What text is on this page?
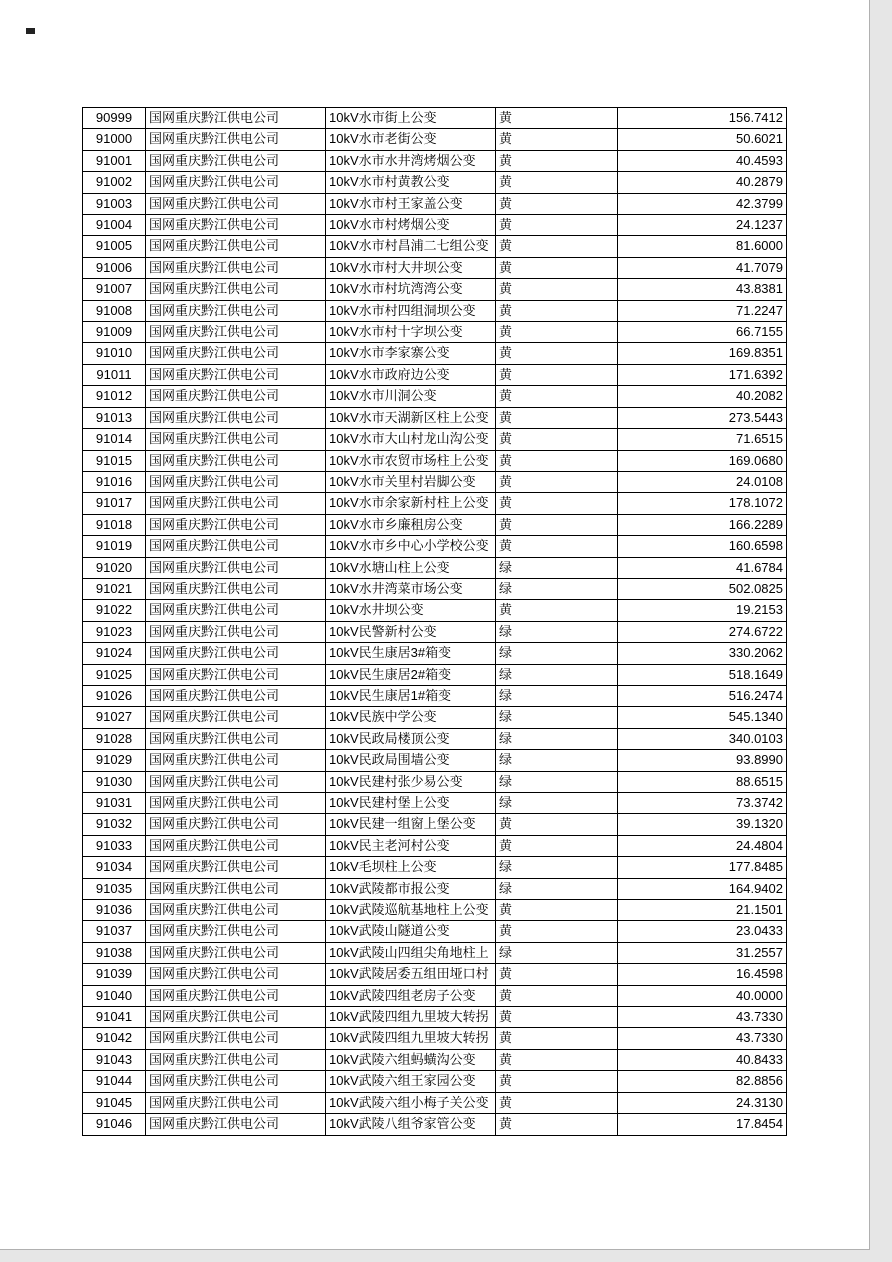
90999	国网重庆黔江供电公司	10kV水市街上公变	黄	156.7412
91000	国网重庆黔江供电公司	10kV水市老街公变	黄	50.6021
91001	国网重庆黔江供电公司	10kV水市水井湾烤烟公变	黄	40.4593
91002	国网重庆黔江供电公司	10kV水市村黄教公变	黄	40.2879
91003	国网重庆黔江供电公司	10kV水市村王家盖公变	黄	42.3799
91004	国网重庆黔江供电公司	10kV水市村烤烟公变	黄	24.1237
91005	国网重庆黔江供电公司	10kV水市村昌浦二七组公变	黄	81.6000
91006	国网重庆黔江供电公司	10kV水市村大井坝公变	黄	41.7079
91007	国网重庆黔江供电公司	10kV水市村坑湾湾公变	黄	43.8381
91008	国网重庆黔江供电公司	10kV水市村四组洞坝公变	黄	71.2247
91009	国网重庆黔江供电公司	10kV水市村十字坝公变	黄	66.7155
91010	国网重庆黔江供电公司	10kV水市李家寨公变	黄	169.8351
91011	国网重庆黔江供电公司	10kV水市政府边公变	黄	171.6392
91012	国网重庆黔江供电公司	10kV水市川洞公变	黄	40.2082
91013	国网重庆黔江供电公司	10kV水市天湖新区柱上公变	黄	273.5443
91014	国网重庆黔江供电公司	10kV水市大山村龙山沟公变	黄	71.6515
91015	国网重庆黔江供电公司	10kV水市农贸市场柱上公变	黄	169.0680
91016	国网重庆黔江供电公司	10kV水市关里村岩脚公变	黄	24.0108
91017	国网重庆黔江供电公司	10kV水市余家新村柱上公变	黄	178.1072
91018	国网重庆黔江供电公司	10kV水市乡廉租房公变	黄	166.2289
91019	国网重庆黔江供电公司	10kV水市乡中心小学校公变	黄	160.6598
91020	国网重庆黔江供电公司	10kV水塘山柱上公变	绿	41.6784
91021	国网重庆黔江供电公司	10kV水井湾菜市场公变	绿	502.0825
91022	国网重庆黔江供电公司	10kV水井坝公变	黄	19.2153
91023	国网重庆黔江供电公司	10kV民警新村公变	绿	274.6722
91024	国网重庆黔江供电公司	10kV民生康居3#箱变	绿	330.2062
91025	国网重庆黔江供电公司	10kV民生康居2#箱变	绿	518.1649
91026	国网重庆黔江供电公司	10kV民生康居1#箱变	绿	516.2474
91027	国网重庆黔江供电公司	10kV民族中学公变	绿	545.1340
91028	国网重庆黔江供电公司	10kV民政局楼顶公变	绿	340.0103
91029	国网重庆黔江供电公司	10kV民政局围墙公变	绿	93.8990
91030	国网重庆黔江供电公司	10kV民建村张少易公变	绿	88.6515
91031	国网重庆黔江供电公司	10kV民建村堡上公变	绿	73.3742
91032	国网重庆黔江供电公司	10kV民建一组窗上堡公变	黄	39.1320
91033	国网重庆黔江供电公司	10kV民主老河村公变	黄	24.4804
91034	国网重庆黔江供电公司	10kV毛坝柱上公变	绿	177.8485
91035	国网重庆黔江供电公司	10kV武陵都市报公变	绿	164.9402
91036	国网重庆黔江供电公司	10kV武陵巡航基地柱上公变	黄	21.1501
91037	国网重庆黔江供电公司	10kV武陵山隧道公变	黄	23.0433
91038	国网重庆黔江供电公司	10kV武陵山四组尖角地柱上	绿	31.2557
91039	国网重庆黔江供电公司	10kV武陵居委五组田垭口村	黄	16.4598
91040	国网重庆黔江供电公司	10kV武陵四组老房子公变	黄	40.0000
91041	国网重庆黔江供电公司	10kV武陵四组九里坡大转拐	黄	43.7330
91042	国网重庆黔江供电公司	10kV武陵四组九里坡大转拐	黄	43.7330
91043	国网重庆黔江供电公司	10kV武陵六组蚂蟥沟公变	黄	40.8433
91044	国网重庆黔江供电公司	10kV武陵六组王家园公变	黄	82.8856
91045	国网重庆黔江供电公司	10kV武陵六组小梅子关公变	黄	24.3130
91046	国网重庆黔江供电公司	10kV武陵八组爷家管公变	黄	17.8454
